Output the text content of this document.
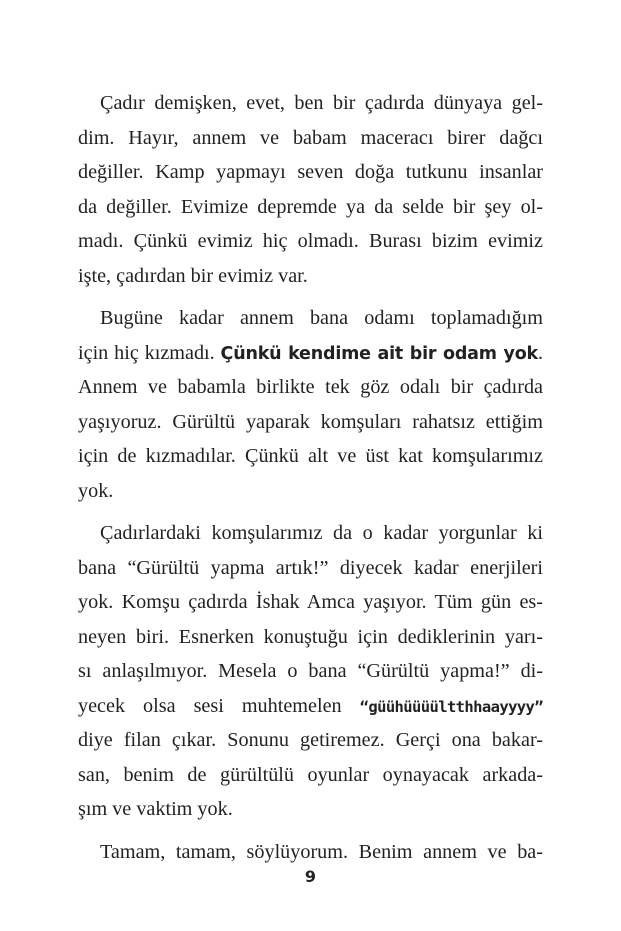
Çadır demişken, evet, ben bir çadırda dünyaya gel-
dim. Hayır, annem ve babam maceracı birer dağcı
değiller. Kamp yapmayı seven doğa tutkunu insanlar
da değiller. Evimize depremde ya da selde bir şey ol-
madı. Çünkü evimiz hiç olmadı. Burası bizim evimiz
işte, çadırdan bir evimiz var.
Bugüne kadar annem bana odamı toplamadığım
için hiç kızmadı. Çünkü kendime ait bir odam yok.
Annem ve babamla birlikte tek göz odalı bir çadırda
yaşıyoruz. Gürültü yaparak komşuları rahatsız ettiğim
için de kızmadılar. Çünkü alt ve üst kat komşularımız
yok.
Çadırlardaki komşularımız da o kadar yorgunlar ki
bana “Gürültü yapma artık!” diyecek kadar enerjileri
yok. Komşu çadırda İshak Amca yaşıyor. Tüm gün es-
neyen biri. Esnerken konuştuğu için dediklerinin yarı-
sı anlaşılmıyor. Mesela o bana “Gürültü yapma!” di-
yecek olsa sesi muhtemelen “güühüüüültthhaayyyy”
diye filan çıkar. Sonunu getiremez. Gerçi ona bakar-
san, benim de gürültülü oyunlar oynayacak arkada-
şım ve vaktim yok.
Tamam, tamam, söylüyorum. Benim annem ve ba-
9
